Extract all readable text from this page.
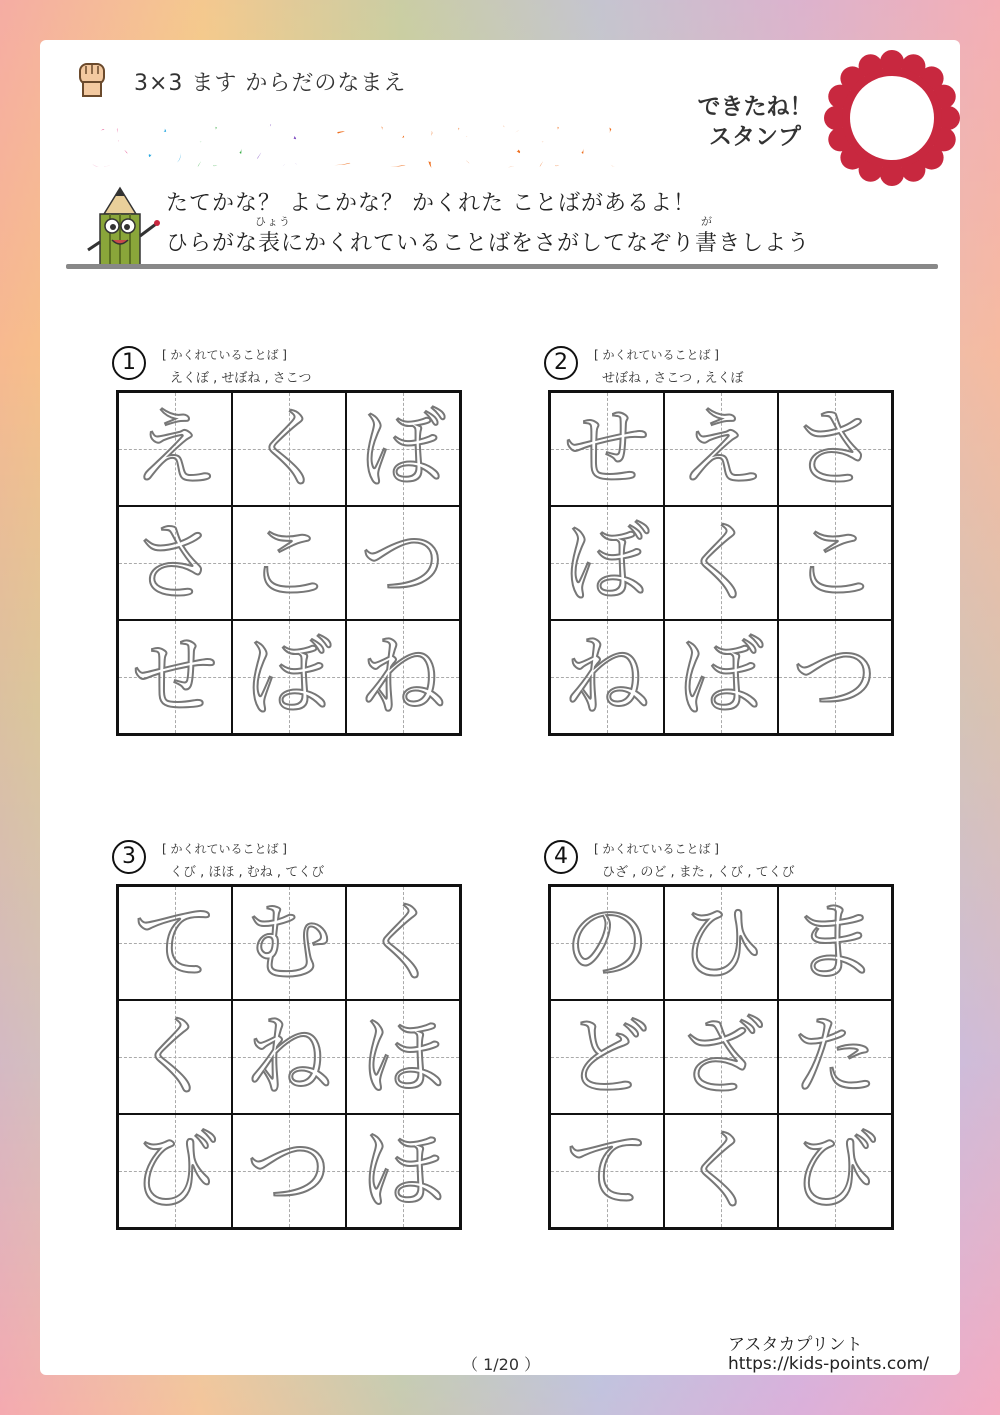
3×3 ます からだのなまえ
ひらがなことばさがし
できたね！
スタンプ
たてかな？ よこかな？ かくれた ことばがあるよ！
ひらがな
ひょう
表にかくれていることばをさがしてなぞり
が
書きしよう
1	[ かくれていることば ]
えくぼ , せぼね , さこつ
え く ぼ
さ こ つ
せ ぼ ね
2	[ かくれていることば ]
せぼね , さこつ , えくぼ
せ え さ
ぼ く こ
ね ぼ つ
3	[ かくれていることば ]
くび , ほほ , むね , てくび
て む く
く ね ほ
び つ ほ
4	[ かくれていることば ]
ひざ , のど , また , くび , てくび
の ひ ま
ど ざ た
て く び
（ 1/20 ）
アスタカプリント
https://kids-points.com/
